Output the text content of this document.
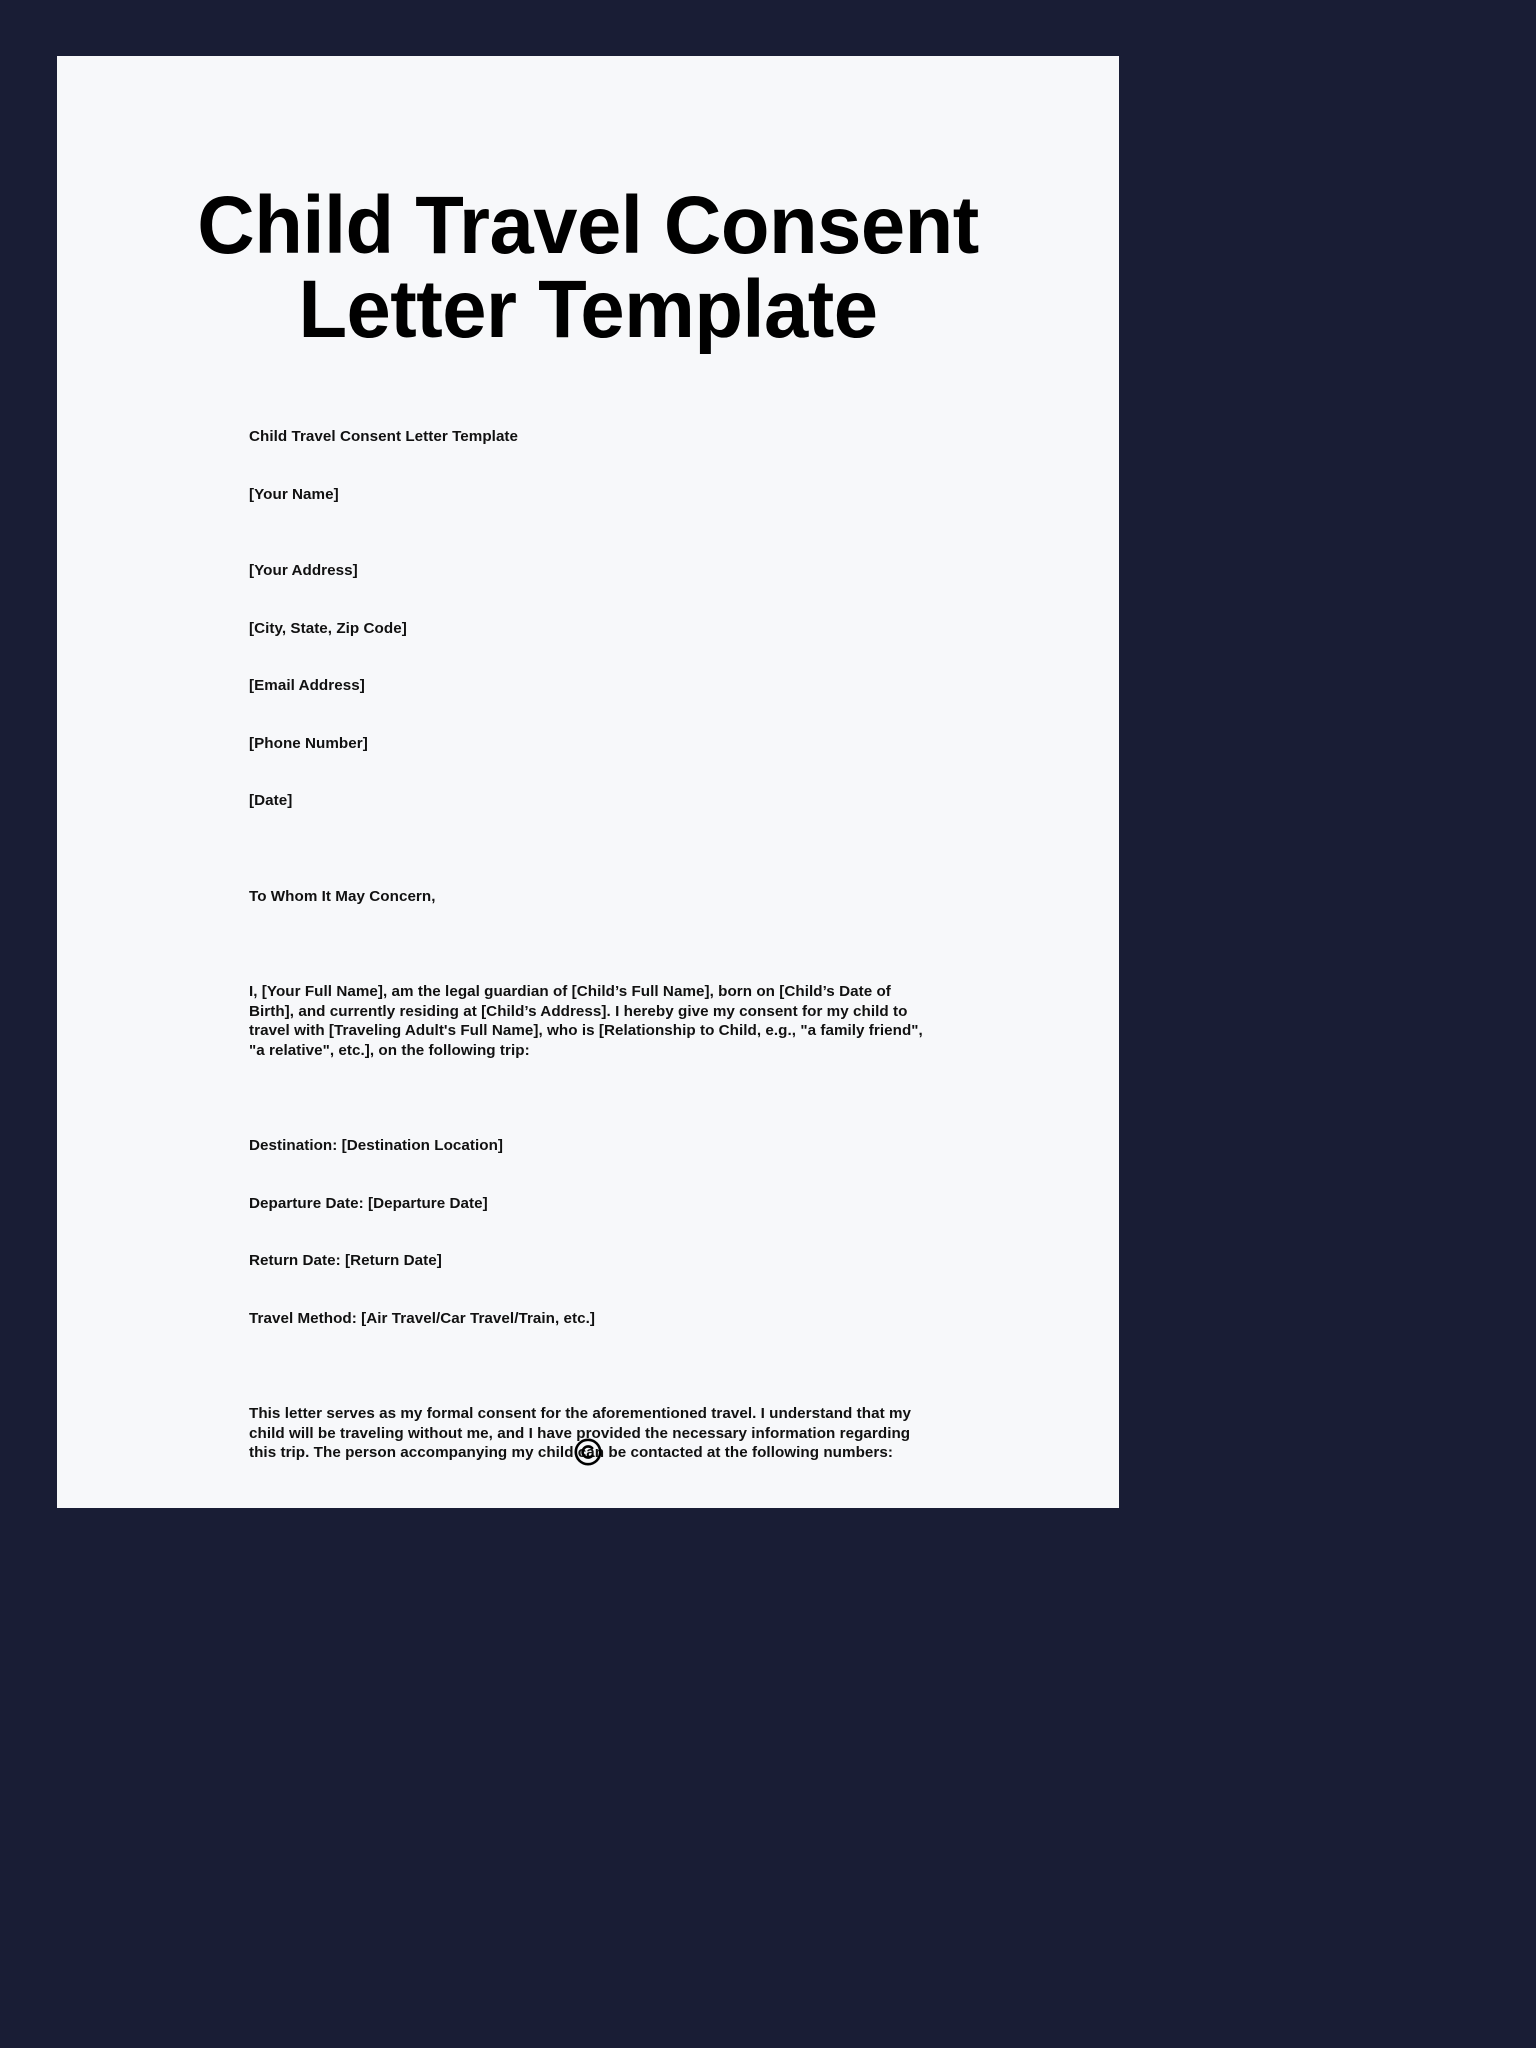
Child Travel Consent Letter Template

Child Travel Consent Letter Template

[Your Name]

[Your Address]

[City, State, Zip Code]

[Email Address]

[Phone Number]

[Date]

To Whom It May Concern,

I, [Your Full Name], am the legal guardian of [Child’s Full Name], born on [Child’s Date of Birth], and currently residing at [Child’s Address]. I hereby give my consent for my child to travel with [Traveling Adult's Full Name], who is [Relationship to Child, e.g., "a family friend", "a relative", etc.], on the following trip:

Destination: [Destination Location]

Departure Date: [Departure Date]

Return Date: [Return Date]

Travel Method: [Air Travel/Car Travel/Train, etc.]

This letter serves as my formal consent for the aforementioned travel. I understand that my child will be traveling without me, and I have provided the necessary information regarding this trip. The person accompanying my child can be contacted at the following numbers:
